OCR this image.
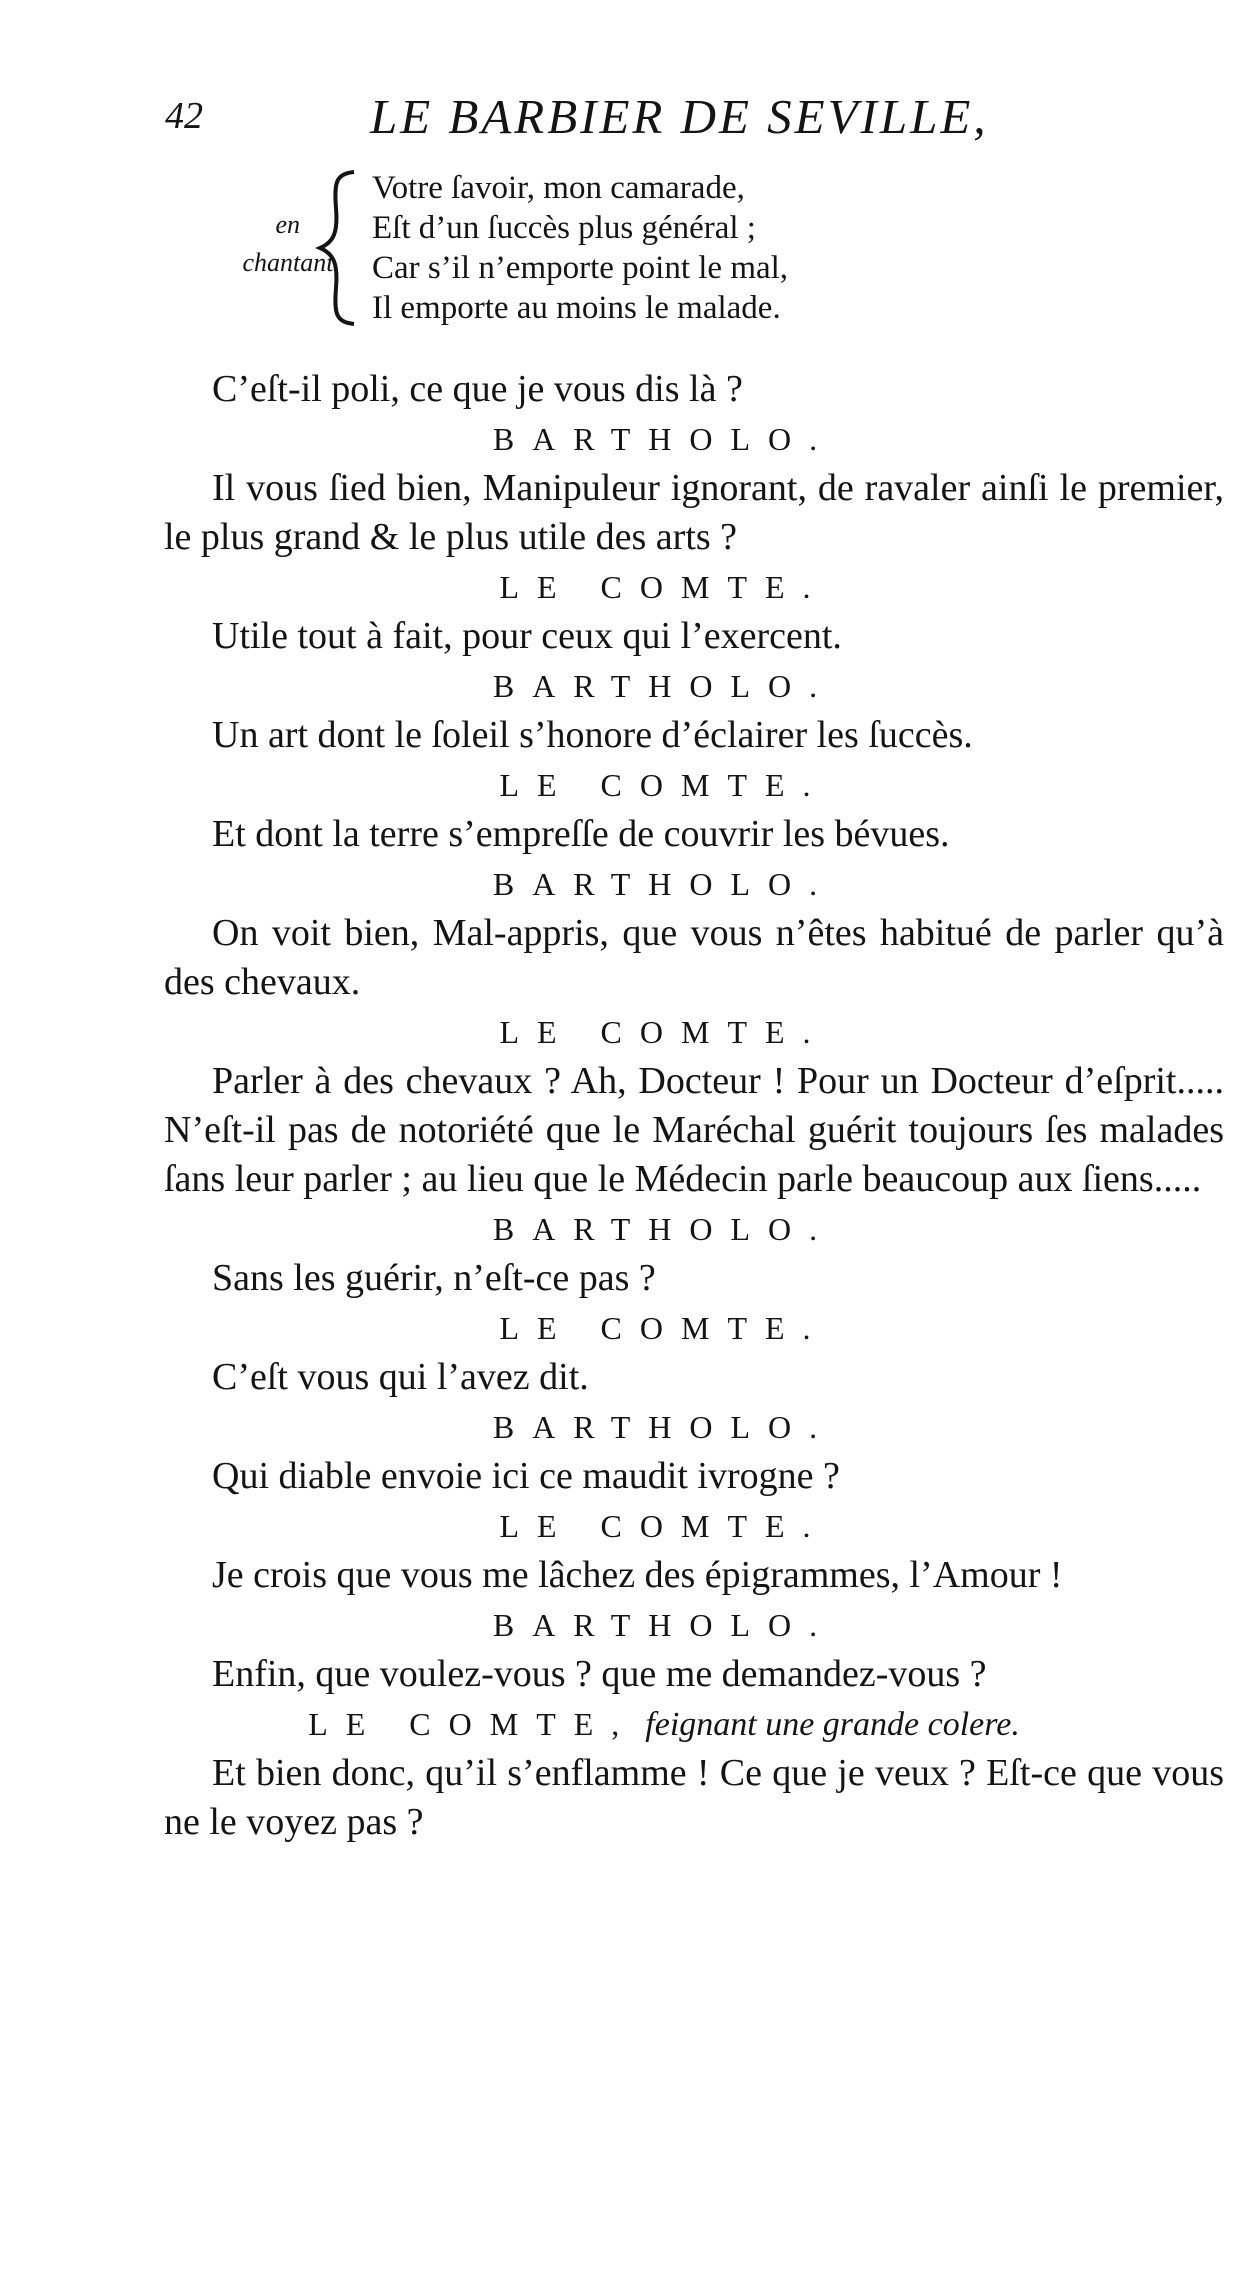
42	LE BARBIER DE SEVILLE,
en
chantant.
Votre ſavoir, mon camarade,
Eſt d’un ſuccès plus général ;
Car s’il n’emporte point le mal,
Il emporte au moins le malade.

C’eſt-il poli, ce que je vous dis là ?

BARTHOLO.

Il vous ſied bien, Manipuleur ignorant, de ravaler ainſi le premier, le plus grand & le plus utile des arts ?

LE COMTE.

Utile tout à fait, pour ceux qui l’exercent.

BARTHOLO.

Un art dont le ſoleil s’honore d’éclairer les ſuccès.

LE COMTE.

Et dont la terre s’empreſſe de couvrir les bévues.

BARTHOLO.

On voit bien, Mal-appris, que vous n’êtes habitué de parler qu’à des chevaux.

LE COMTE.

Parler à des chevaux ? Ah, Docteur ! Pour un Docteur d’eſprit..... N’eſt-il pas de notoriété que le Maréchal guérit toujours ſes malades ſans leur parler ; au lieu que le Médecin parle beaucoup aux ſiens.....

BARTHOLO.

Sans les guérir, n’eſt-ce pas ?

LE COMTE.

C’eſt vous qui l’avez dit.

BARTHOLO.

Qui diable envoie ici ce maudit ivrogne ?

LE COMTE.

Je crois que vous me lâchez des épigrammes, l’Amour !

BARTHOLO.

Enfin, que voulez-vous ? que me demandez-vous ?

LE COMTE, feignant une grande colere.

Et bien donc, qu’il s’enflamme ! Ce que je veux ? Eſt-ce que vous ne le voyez pas ?
